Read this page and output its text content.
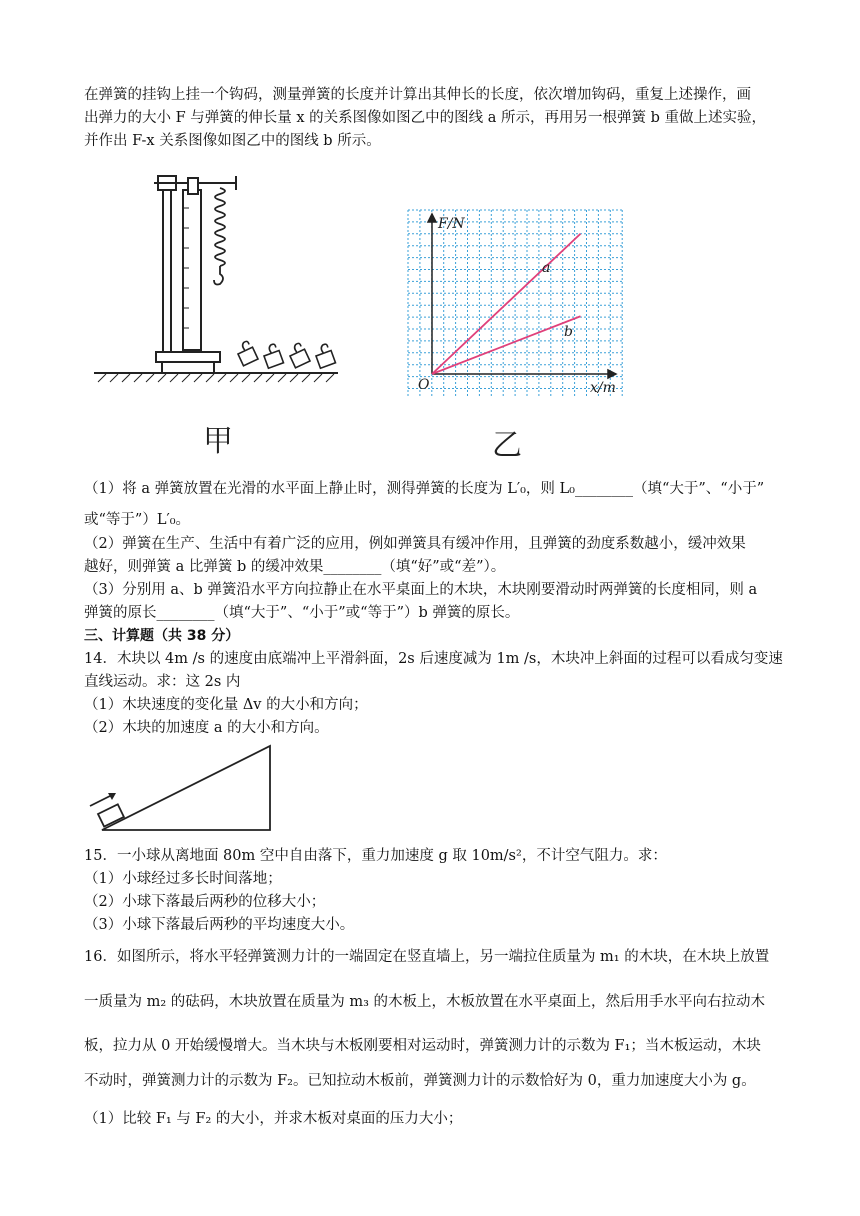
在弹簧的挂钩上挂一个钩码，测量弹簧的长度并计算出其伸长的长度，依次增加钩码，重复上述操作，画
出弹力的大小 F 与弹簧的伸长量 x 的关系图像如图乙中的图线 a 所示，再用另一根弹簧 b 重做上述实验，
并作出 F-x 关系图像如图乙中的图线 b 所示。
甲
F/N
x/m
O
a
b
乙
（1）将 a 弹簧放置在光滑的水平面上静止时，测得弹簧的长度为 L′₀，则 L₀________（填“大于”、“小于”
或“等于”）L′₀。
（2）弹簧在生产、生活中有着广泛的应用，例如弹簧具有缓冲作用，且弹簧的劲度系数越小，缓冲效果
越好，则弹簧 a 比弹簧 b 的缓冲效果________（填“好”或“差”）。
（3）分别用 a、b 弹簧沿水平方向拉静止在水平桌面上的木块，木块刚要滑动时两弹簧的长度相同，则 a
弹簧的原长________（填“大于”、“小于”或“等于”）b 弹簧的原长。
三、计算题（共 38 分）
14．木块以 4m /s 的速度由底端冲上平滑斜面，2s 后速度减为 1m /s，木块冲上斜面的过程可以看成匀变速
直线运动。求：这 2s 内
（1）木块速度的变化量 Δv 的大小和方向；
（2）木块的加速度 a 的大小和方向。
15．一小球从离地面 80m 空中自由落下，重力加速度 g 取 10m/s²，不计空气阻力。求：
（1）小球经过多长时间落地；
（2）小球下落最后两秒的位移大小；
（3）小球下落最后两秒的平均速度大小。
16．如图所示，将水平轻弹簧测力计的一端固定在竖直墙上，另一端拉住质量为 m₁ 的木块，在木块上放置
一质量为 m₂ 的砝码，木块放置在质量为 m₃ 的木板上，木板放置在水平桌面上，然后用手水平向右拉动木
板，拉力从 0 开始缓慢增大。当木块与木板刚要相对运动时，弹簧测力计的示数为 F₁；当木板运动，木块
不动时，弹簧测力计的示数为 F₂。已知拉动木板前，弹簧测力计的示数恰好为 0，重力加速度大小为 g。
（1）比较 F₁ 与 F₂ 的大小，并求木板对桌面的压力大小；
